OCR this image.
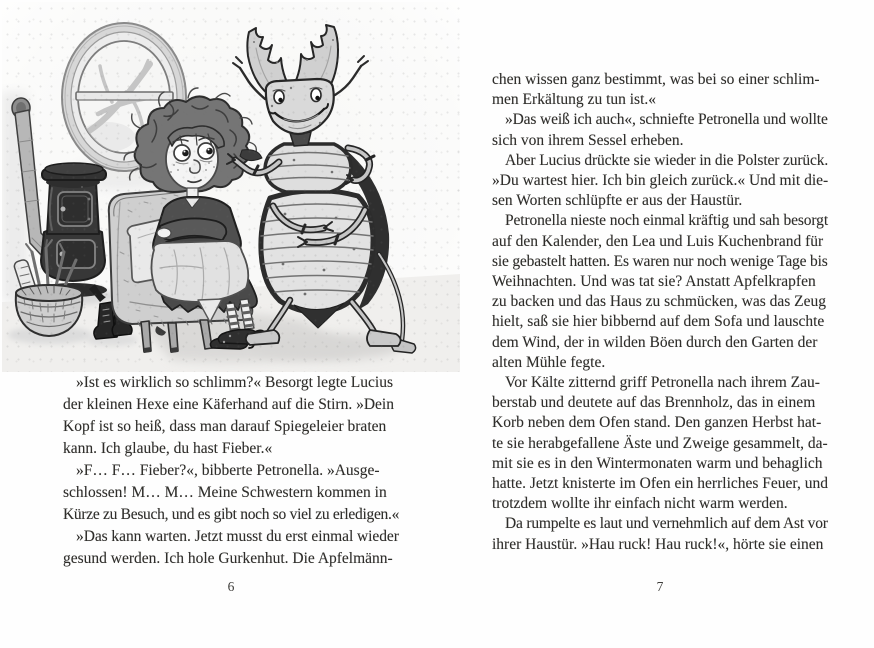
»Ist es wirklich so schlimm?« Besorgt legte Lucius
der kleinen Hexe eine Käferhand auf die Stirn. »Dein
Kopf ist so heiß, dass man darauf Spiegeleier braten
kann. Ich glaube, du hast Fieber.«
»F… F… Fieber?«, bibberte Petronella. »Ausge-
schlossen! M… M… Meine Schwestern kommen in
Kürze zu Besuch, und es gibt noch so viel zu erledigen.«
»Das kann warten. Jetzt musst du erst einmal wieder
gesund werden. Ich hole Gurkenhut. Die Apfelmänn-
6
chen wissen ganz bestimmt, was bei so einer schlim-
men Erkältung zu tun ist.«
»Das weiß ich auch«, schniefte Petronella und wollte
sich von ihrem Sessel erheben.
Aber Lucius drückte sie wieder in die Polster zurück.
»Du wartest hier. Ich bin gleich zurück.« Und mit die-
sen Worten schlüpfte er aus der Haustür.
Petronella nieste noch einmal kräftig und sah besorgt
auf den Kalender, den Lea und Luis Kuchenbrand für
sie gebastelt hatten. Es waren nur noch wenige Tage bis
Weihnachten. Und was tat sie? Anstatt Apfelkrapfen
zu backen und das Haus zu schmücken, was das Zeug
hielt, saß sie hier bibbernd auf dem Sofa und lauschte
dem Wind, der in wilden Böen durch den Garten der
alten Mühle fegte.
Vor Kälte zitternd griff Petronella nach ihrem Zau-
berstab und deutete auf das Brennholz, das in einem
Korb neben dem Ofen stand. Den ganzen Herbst hat-
te sie herabgefallene Äste und Zweige gesammelt, da-
mit sie es in den Wintermonaten warm und behaglich
hatte. Jetzt knisterte im Ofen ein herrliches Feuer, und
trotzdem wollte ihr einfach nicht warm werden.
Da rumpelte es laut und vernehmlich auf dem Ast vor
ihrer Haustür. »Hau ruck! Hau ruck!«, hörte sie einen
7
